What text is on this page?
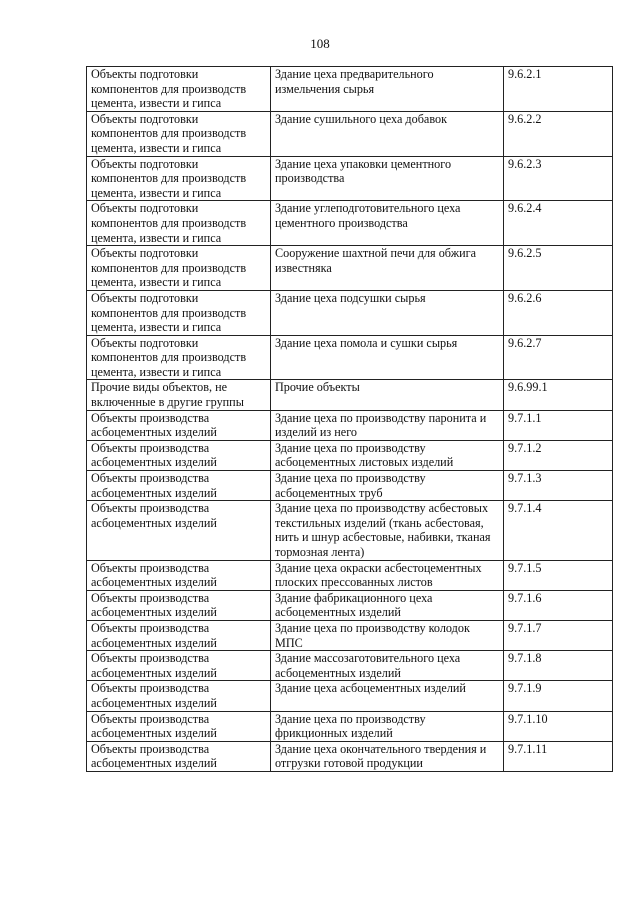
108
Объекты подготовки компонентов для производств цемента, извести и гипса	Здание цеха предварительного измельчения сырья	9.6.2.1
Объекты подготовки компонентов для производств цемента, извести и гипса	Здание сушильного цеха добавок	9.6.2.2
Объекты подготовки компонентов для производств цемента, извести и гипса	Здание цеха упаковки цементного производства	9.6.2.3
Объекты подготовки компонентов для производств цемента, извести и гипса	Здание углеподготовительного цеха цементного производства	9.6.2.4
Объекты подготовки компонентов для производств цемента, извести и гипса	Сооружение шахтной печи для обжига известняка	9.6.2.5
Объекты подготовки компонентов для производств цемента, извести и гипса	Здание цеха подсушки сырья	9.6.2.6
Объекты подготовки компонентов для производств цемента, извести и гипса	Здание цеха помола и сушки сырья	9.6.2.7
Прочие виды объектов, не включенные в другие группы	Прочие объекты	9.6.99.1
Объекты производства асбоцементных изделий	Здание цеха по производству паронита и изделий из него	9.7.1.1
Объекты производства асбоцементных изделий	Здание цеха по производству асбоцементных листовых изделий	9.7.1.2
Объекты производства асбоцементных изделий	Здание цеха по производству асбоцементных труб	9.7.1.3
Объекты производства асбоцементных изделий	Здание цеха по производству асбестовых текстильных изделий (ткань асбестовая, нить и шнур асбестовые, набивки, тканая тормозная лента)	9.7.1.4
Объекты производства асбоцементных изделий	Здание цеха окраски асбестоцементных плоских прессованных листов	9.7.1.5
Объекты производства асбоцементных изделий	Здание фабрикационного цеха асбоцементных изделий	9.7.1.6
Объекты производства асбоцементных изделий	Здание цеха по производству колодок МПС	9.7.1.7
Объекты производства асбоцементных изделий	Здание массозаготовительного цеха асбоцементных изделий	9.7.1.8
Объекты производства асбоцементных изделий	Здание цеха асбоцементных изделий	9.7.1.9
Объекты производства асбоцементных изделий	Здание цеха по производству фрикционных изделий	9.7.1.10
Объекты производства асбоцементных изделий	Здание цеха окончательного твердения и отгрузки готовой продукции	9.7.1.11
